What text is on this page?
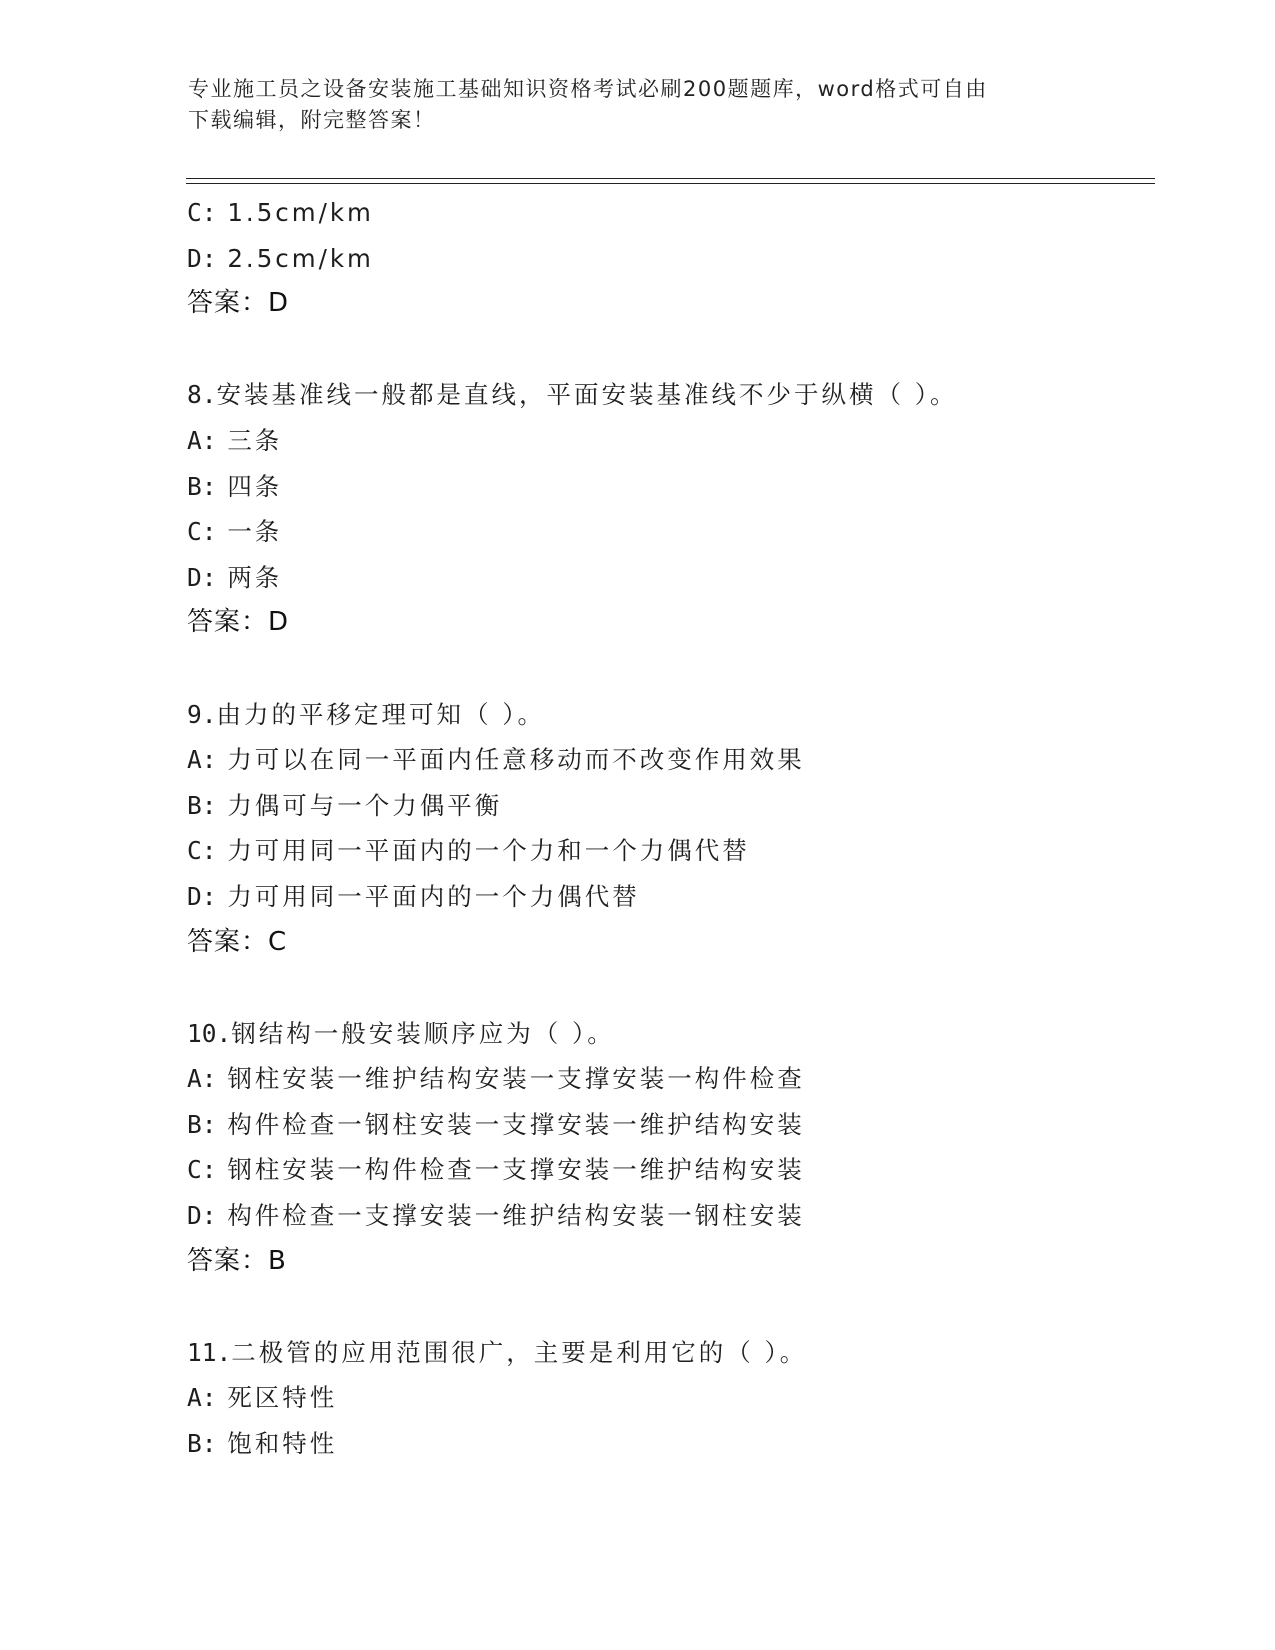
专业施工员之设备安装施工基础知识资格考试必刷200题题库，word格式可自由
下载编辑，附完整答案！
C: 1.5cm/km
D: 2.5cm/km
答案：D
8.安装基准线一般都是直线，平面安装基准线不少于纵横（ ）。
A: 三条
B: 四条
C: 一条
D: 两条
答案：D
9.由力的平移定理可知（ ）。
A: 力可以在同一平面内任意移动而不改变作用效果
B: 力偶可与一个力偶平衡
C: 力可用同一平面内的一个力和一个力偶代替
D: 力可用同一平面内的一个力偶代替
答案：C
10.钢结构一般安装顺序应为（ ）。
A: 钢柱安装一维护结构安装一支撑安装一构件检查
B: 构件检查一钢柱安装一支撑安装一维护结构安装
C: 钢柱安装一构件检查一支撑安装一维护结构安装
D: 构件检查一支撑安装一维护结构安装一钢柱安装
答案：B
11.二极管的应用范围很广，主要是利用它的（ ）。
A: 死区特性
B: 饱和特性
